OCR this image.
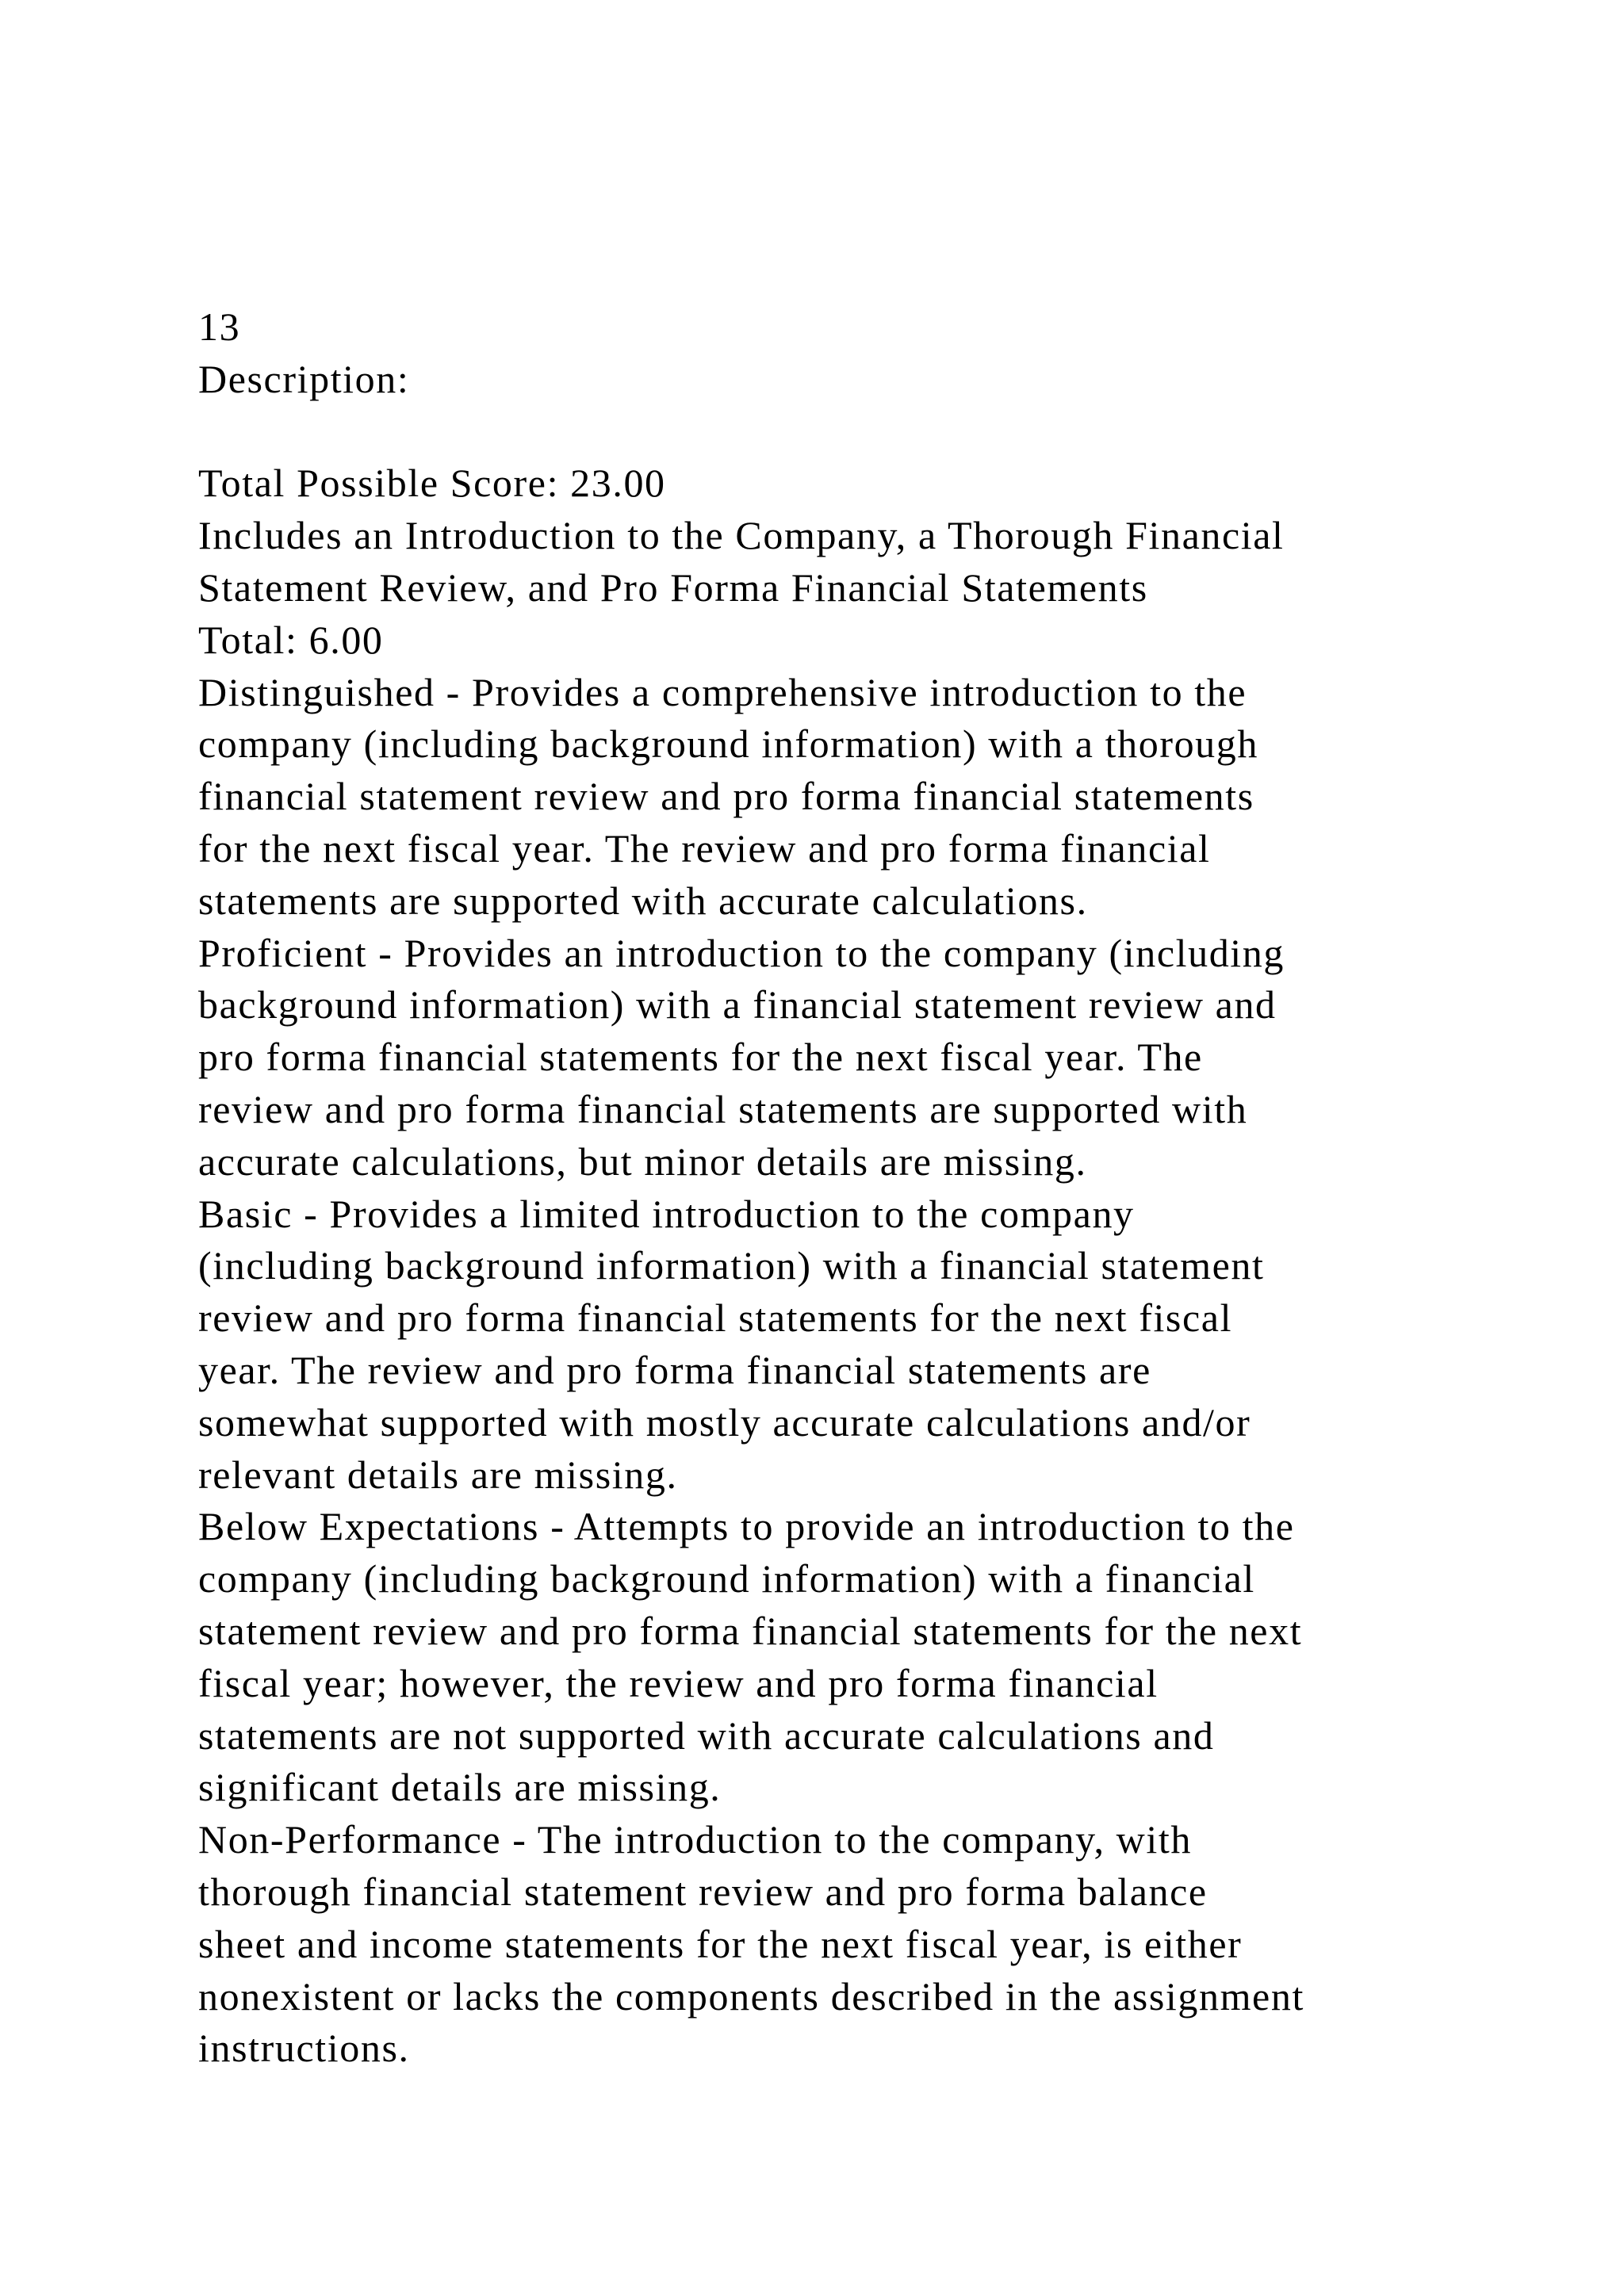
13
Description:
Total Possible Score: 23.00
Includes an Introduction to the Company, a Thorough Financial
Statement Review, and Pro Forma Financial Statements
Total: 6.00
Distinguished - Provides a comprehensive introduction to the
company (including background information) with a thorough
financial statement review and pro forma financial statements
for the next fiscal year. The review and pro forma financial
statements are supported with accurate calculations.
Proficient - Provides an introduction to the company (including
background information) with a financial statement review and
pro forma financial statements for the next fiscal year. The
review and pro forma financial statements are supported with
accurate calculations, but minor details are missing.
Basic - Provides a limited introduction to the company
(including background information) with a financial statement
review and pro forma financial statements for the next fiscal
year. The review and pro forma financial statements are
somewhat supported with mostly accurate calculations and/or
relevant details are missing.
Below Expectations - Attempts to provide an introduction to the
company (including background information) with a financial
statement review and pro forma financial statements for the next
fiscal year; however, the review and pro forma financial
statements are not supported with accurate calculations and
significant details are missing.
Non-Performance - The introduction to the company, with
thorough financial statement review and pro forma balance
sheet and income statements for the next fiscal year, is either
nonexistent or lacks the components described in the assignment
instructions.
